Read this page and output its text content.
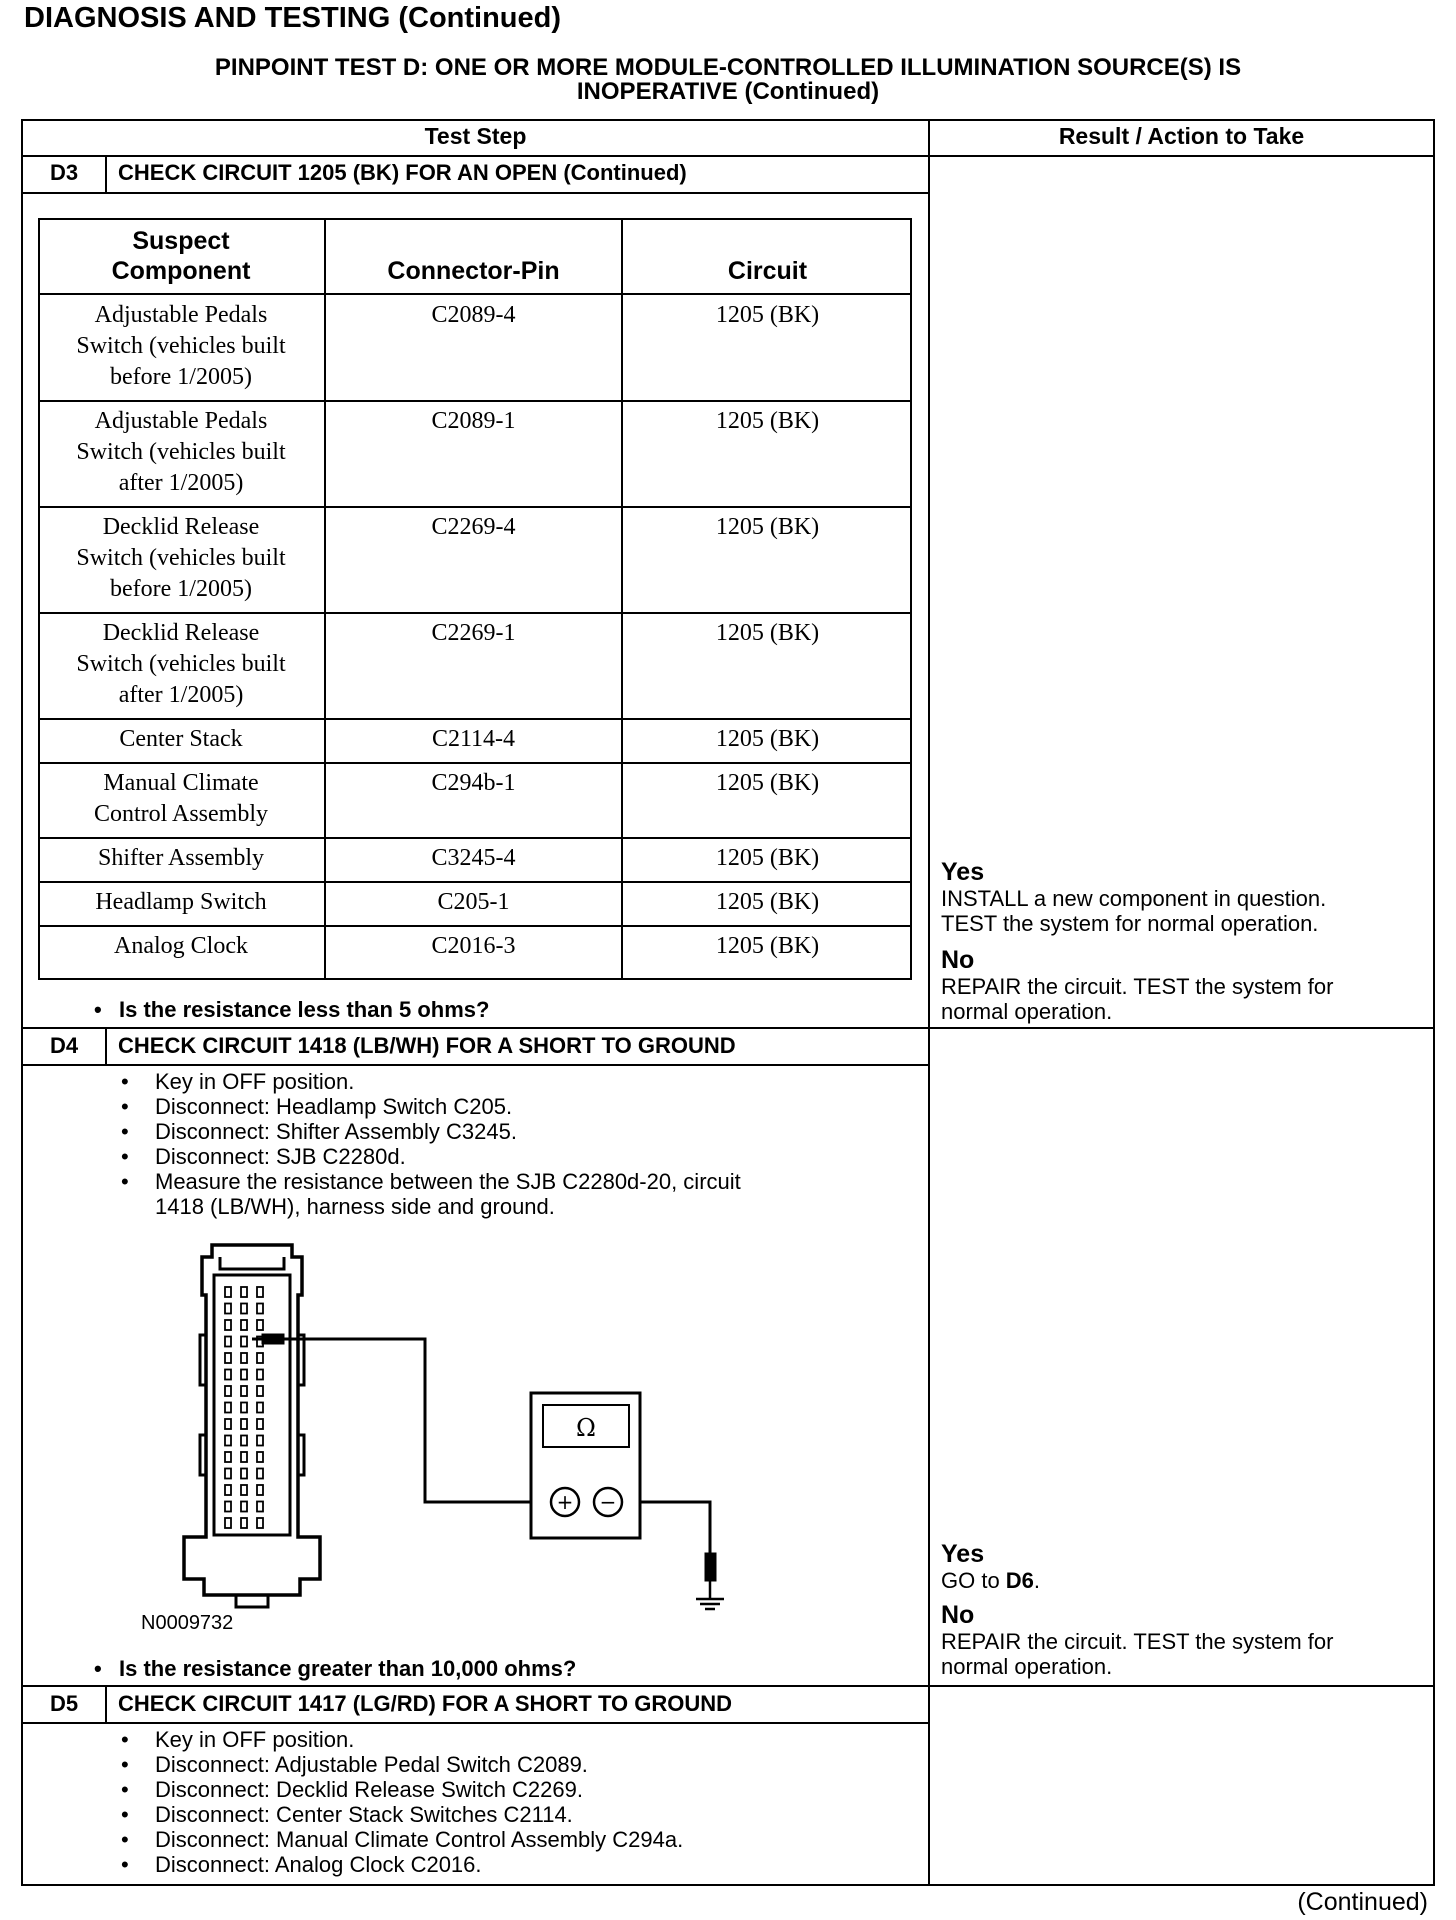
DIAGNOSIS AND TESTING (Continued)
PINPOINT TEST D: ONE OR MORE MODULE-CONTROLLED ILLUMINATION SOURCE(S) IS
INOPERATIVE (Continued)
Test Step	Result / Action to Take
D3	CHECK CIRCUIT 1205 (BK) FOR AN OPEN (Continued)
Suspect
Component	Connector-Pin	Circuit
Adjustable Pedals
Switch (vehicles built
before 1/2005)
C2089-4	1205 (BK)
Adjustable Pedals
Switch (vehicles built
after 1/2005)
C2089-1	1205 (BK)
Decklid Release
Switch (vehicles built
before 1/2005)
C2269-4	1205 (BK)
Decklid Release
Switch (vehicles built
after 1/2005)
C2269-1	1205 (BK)
Center Stack	C2114-4	1205 (BK)
Manual Climate
Control Assembly
C294b-1	1205 (BK)
Shifter Assembly	C3245-4	1205 (BK)
Headlamp Switch	C205-1	1205 (BK)
Analog Clock	C2016-3	1205 (BK)
• Is the resistance less than 5 ohms?
Yes
INSTALL a new component in question.
TEST the system for normal operation.
No
REPAIR the circuit. TEST the system for
normal operation.
D4	CHECK CIRCUIT 1418 (LB/WH) FOR A SHORT TO GROUND
• Key in OFF position.
• Disconnect: Headlamp Switch C205.
• Disconnect: Shifter Assembly C3245.
• Disconnect: SJB C2280d.
• Measure the resistance between the SJB C2280d-20, circuit
1418 (LB/WH), harness side and ground.
Ω
+ −
N0009732
• Is the resistance greater than 10,000 ohms?
Yes
GO to D6.
No
REPAIR the circuit. TEST the system for
normal operation.
D5	CHECK CIRCUIT 1417 (LG/RD) FOR A SHORT TO GROUND
• Key in OFF position.
• Disconnect: Adjustable Pedal Switch C2089.
• Disconnect: Decklid Release Switch C2269.
• Disconnect: Center Stack Switches C2114.
• Disconnect: Manual Climate Control Assembly C294a.
• Disconnect: Analog Clock C2016.
(Continued)
